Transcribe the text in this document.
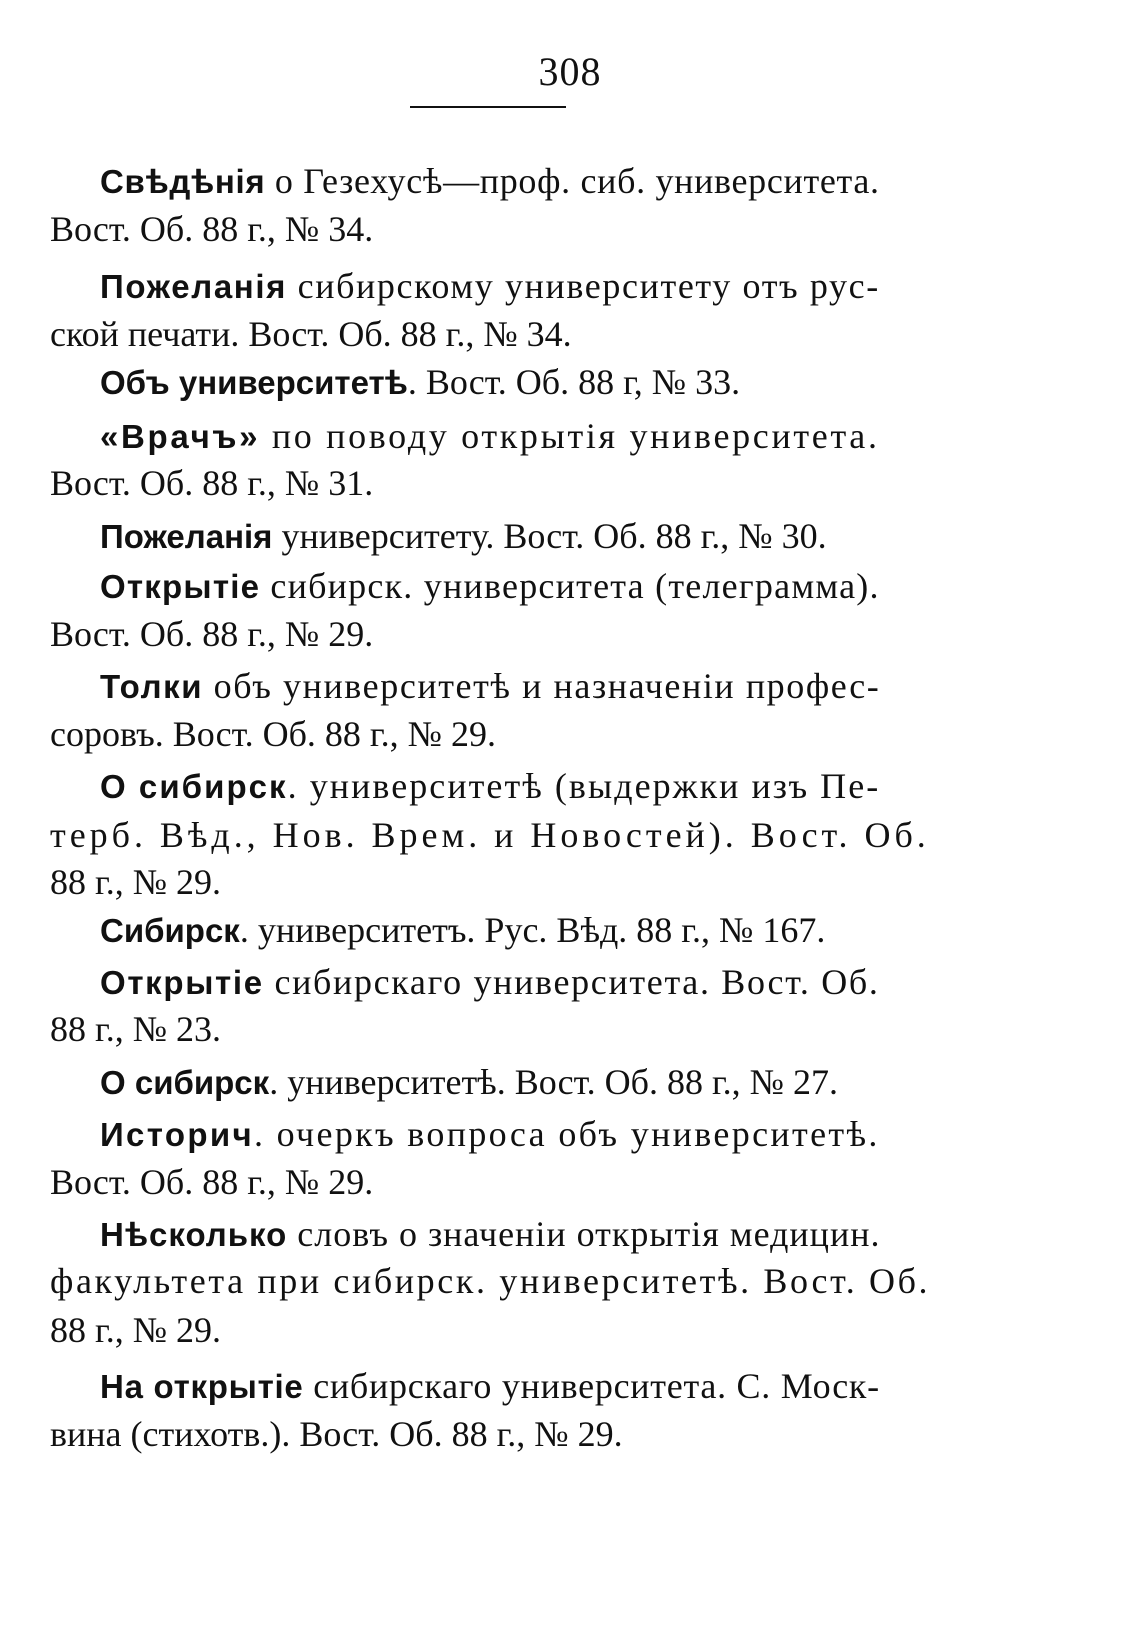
308
Свѣдѣнія о Гезехусѣ—проф. сиб. университета.
Вост. Об. 88 г., № 34.
Пожеланія сибирскому университету отъ рус-
ской печати. Вост. Об. 88 г., № 34.
Объ университетѣ. Вост. Об. 88 г, № 33.
«Врачъ» по поводу открытія университета.
Вост. Об. 88 г., № 31.
Пожеланія университету. Вост. Об. 88 г., № 30.
Открытіе сибирск. университета (телеграмма).
Вост. Об. 88 г., № 29.
Толки объ университетѣ и назначеніи профес-
соровъ. Вост. Об. 88 г., № 29.
О сибирск. университетѣ (выдержки изъ Пе-
терб. Вѣд., Нов. Врем. и Новостей). Вост. Об.
88 г., № 29.
Сибирск. университетъ. Рус. Вѣд. 88 г., № 167.
Открытіе сибирскаго университета. Вост. Об.
88 г., № 23.
О сибирск. университетѣ. Вост. Об. 88 г., № 27.
Историч. очеркъ вопроса объ университетѣ.
Вост. Об. 88 г., № 29.
Нѣсколько словъ о значеніи открытія медицин.
факультета при сибирск. университетѣ. Вост. Об.
88 г., № 29.
На открытіе сибирскаго университета. С. Моск-
вина (стихотв.). Вост. Об. 88 г., № 29.
